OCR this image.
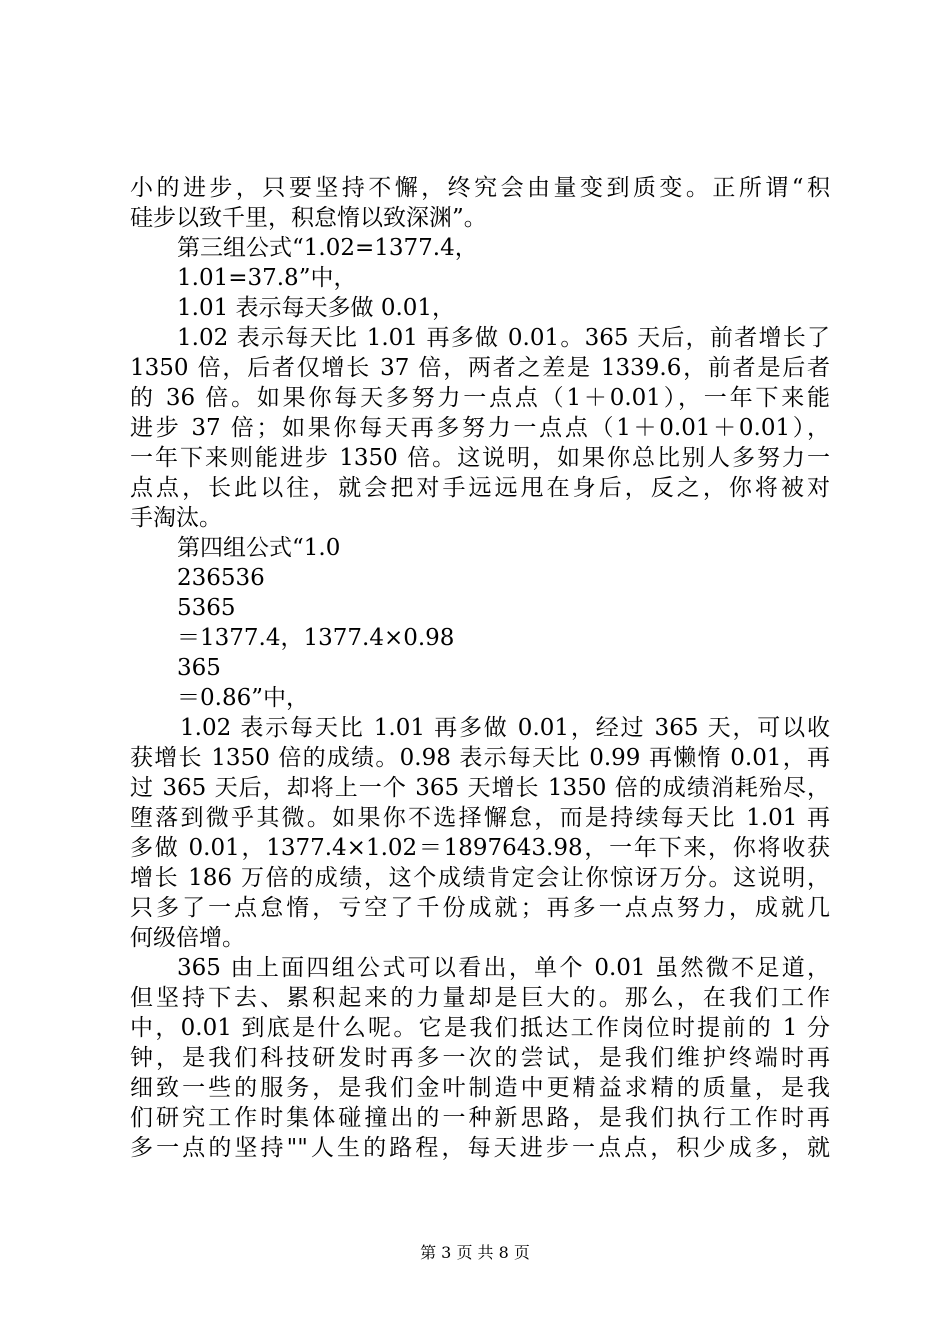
小的进步，只要坚持不懈，终究会由量变到质变。正所谓“积
硅步以致千里，积怠惰以致深渊”。
第三组公式“1.02=1377.4，
1.01=37.8”中，
1.01 表示每天多做 0.01，
1.02 表示每天比 1.01 再多做 0.01。365 天后，前者增长了
1350 倍，后者仅增长 37 倍，两者之差是 1339.6，前者是后者
的 36 倍。如果你每天多努力一点点（1＋0.01），一年下来能
进步 37 倍；如果你每天再多努力一点点（1＋0.01＋0.01），
一年下来则能进步 1350 倍。这说明，如果你总比别人多努力一
点点，长此以往，就会把对手远远甩在身后，反之，你将被对
手淘汰。
第四组公式“1.0
236536
5365
＝1377.4，1377.4×0.98
365
＝0.86”中，
1.02 表示每天比 1.01 再多做 0.01，经过 365 天，可以收
获增长 1350 倍的成绩。0.98 表示每天比 0.99 再懒惰 0.01，再
过 365 天后，却将上一个 365 天增长 1350 倍的成绩消耗殆尽，
堕落到微乎其微。如果你不选择懈怠，而是持续每天比 1.01 再
多做 0.01，1377.4×1.02＝1897643.98，一年下来，你将收获
增长 186 万倍的成绩，这个成绩肯定会让你惊讶万分。这说明，
只多了一点怠惰，亏空了千份成就；再多一点点努力，成就几
何级倍增。
365 由上面四组公式可以看出，单个 0.01 虽然微不足道，
但坚持下去、累积起来的力量却是巨大的。那么，在我们工作
中，0.01 到底是什么呢。它是我们抵达工作岗位时提前的 1 分
钟，是我们科技研发时再多一次的尝试，是我们维护终端时再
细致一些的服务，是我们金叶制造中更精益求精的质量，是我
们研究工作时集体碰撞出的一种新思路，是我们执行工作时再
多一点的坚持""人生的路程，每天进步一点点，积少成多，就
第 3 页 共 8 页
